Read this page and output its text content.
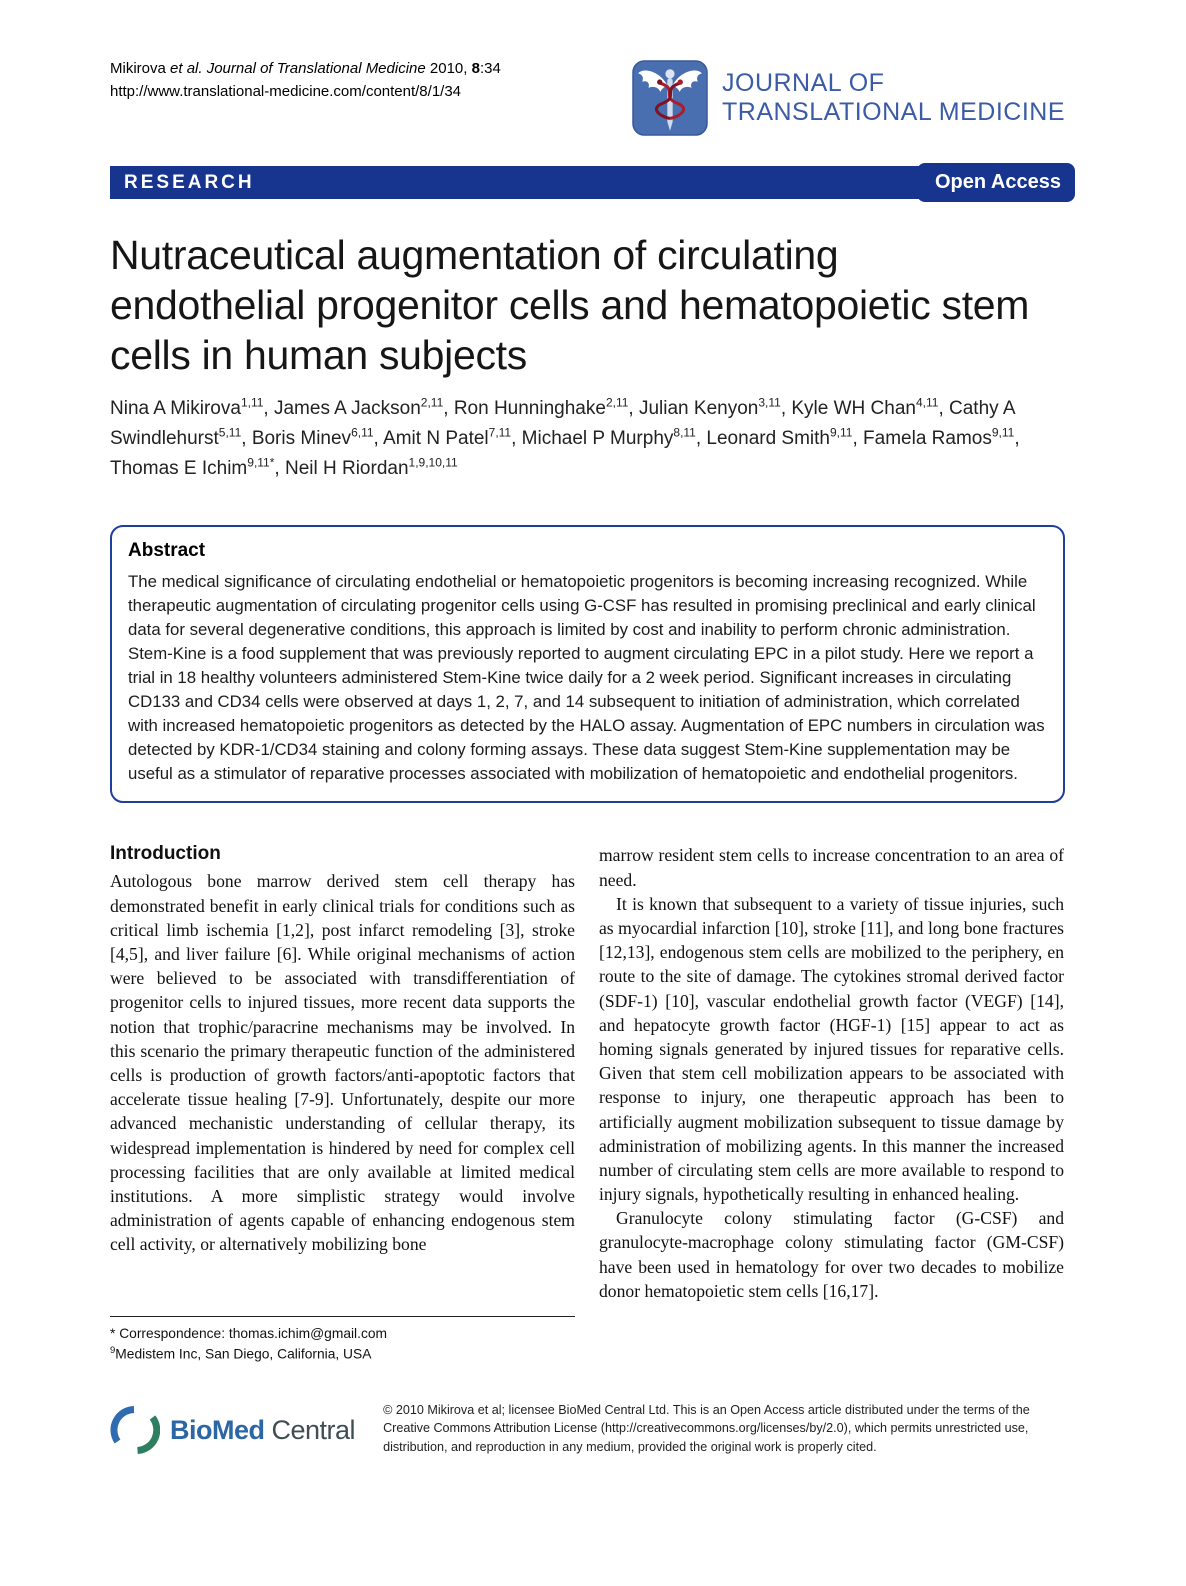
Mikirova et al. Journal of Translational Medicine 2010, 8:34
http://www.translational-medicine.com/content/8/1/34	JOURNAL OF
TRANSLATIONAL MEDICINE
RESEARCH	Open Access
Nutraceutical augmentation of circulating endothelial progenitor cells and hematopoietic stem cells in human subjects

Nina A Mikirova$^{1,11}$, James A Jackson$^{2,11}$, Ron Hunninghake$^{2,11}$, Julian Kenyon$^{3,11}$, Kyle WH Chan$^{4,11}$, Cathy A Swindlehurst$^{5,11}$, Boris Minev$^{6,11}$, Amit N Patel$^{7,11}$, Michael P Murphy$^{8,11}$, Leonard Smith$^{9,11}$, Famela Ramos$^{9,11}$, Thomas E Ichim$^{9,11*}$, Neil H Riordan$^{1,9,10,11}$

Abstract
The medical significance of circulating endothelial or hematopoietic progenitors is becoming increasing recognized. While therapeutic augmentation of circulating progenitor cells using G-CSF has resulted in promising preclinical and early clinical data for several degenerative conditions, this approach is limited by cost and inability to perform chronic administration. Stem-Kine is a food supplement that was previously reported to augment circulating EPC in a pilot study. Here we report a trial in 18 healthy volunteers administered Stem-Kine twice daily for a 2 week period. Significant increases in circulating CD133 and CD34 cells were observed at days 1, 2, 7, and 14 subsequent to initiation of administration, which correlated with increased hematopoietic progenitors as detected by the HALO assay. Augmentation of EPC numbers in circulation was detected by KDR-1/CD34 staining and colony forming assays. These data suggest Stem-Kine supplementation may be useful as a stimulator of reparative processes associated with mobilization of hematopoietic and endothelial progenitors.
Introduction

Autologous bone marrow derived stem cell therapy has demonstrated benefit in early clinical trials for conditions such as critical limb ischemia [1,2], post infarct remodeling [3], stroke [4,5], and liver failure [6]. While original mechanisms of action were believed to be associated with transdifferentiation of progenitor cells to injured tissues, more recent data supports the notion that trophic/paracrine mechanisms may be involved. In this scenario the primary therapeutic function of the administered cells is production of growth factors/anti-apoptotic factors that accelerate tissue healing [7-9]. Unfortunately, despite our more advanced mechanistic understanding of cellular therapy, its widespread implementation is hindered by need for complex cell processing facilities that are only available at limited medical institutions. A more simplistic strategy would involve administration of agents capable of enhancing endogenous stem cell activity, or alternatively mobilizing bone

* Correspondence: thomas.ichim@gmail.com
$^9$Medistem Inc, San Diego, California, USA

marrow resident stem cells to increase concentration to an area of need.

It is known that subsequent to a variety of tissue injuries, such as myocardial infarction [10], stroke [11], and long bone fractures [12,13], endogenous stem cells are mobilized to the periphery, en route to the site of damage. The cytokines stromal derived factor (SDF-1) [10], vascular endothelial growth factor (VEGF) [14], and hepatocyte growth factor (HGF-1) [15] appear to act as homing signals generated by injured tissues for reparative cells. Given that stem cell mobilization appears to be associated with response to injury, one therapeutic approach has been to artificially augment mobilization subsequent to tissue damage by administration of mobilizing agents. In this manner the increased number of circulating stem cells are more available to respond to injury signals, hypothetically resulting in enhanced healing.

Granulocyte colony stimulating factor (G-CSF) and granulocyte-macrophage colony stimulating factor (GM-CSF) have been used in hematology for over two decades to mobilize donor hematopoietic stem cells [16,17].

BioMed Central
© 2010 Mikirova et al; licensee BioMed Central Ltd. This is an Open Access article distributed under the terms of the Creative Commons Attribution License (http://creativecommons.org/licenses/by/2.0), which permits unrestricted use, distribution, and reproduction in any medium, provided the original work is properly cited.
